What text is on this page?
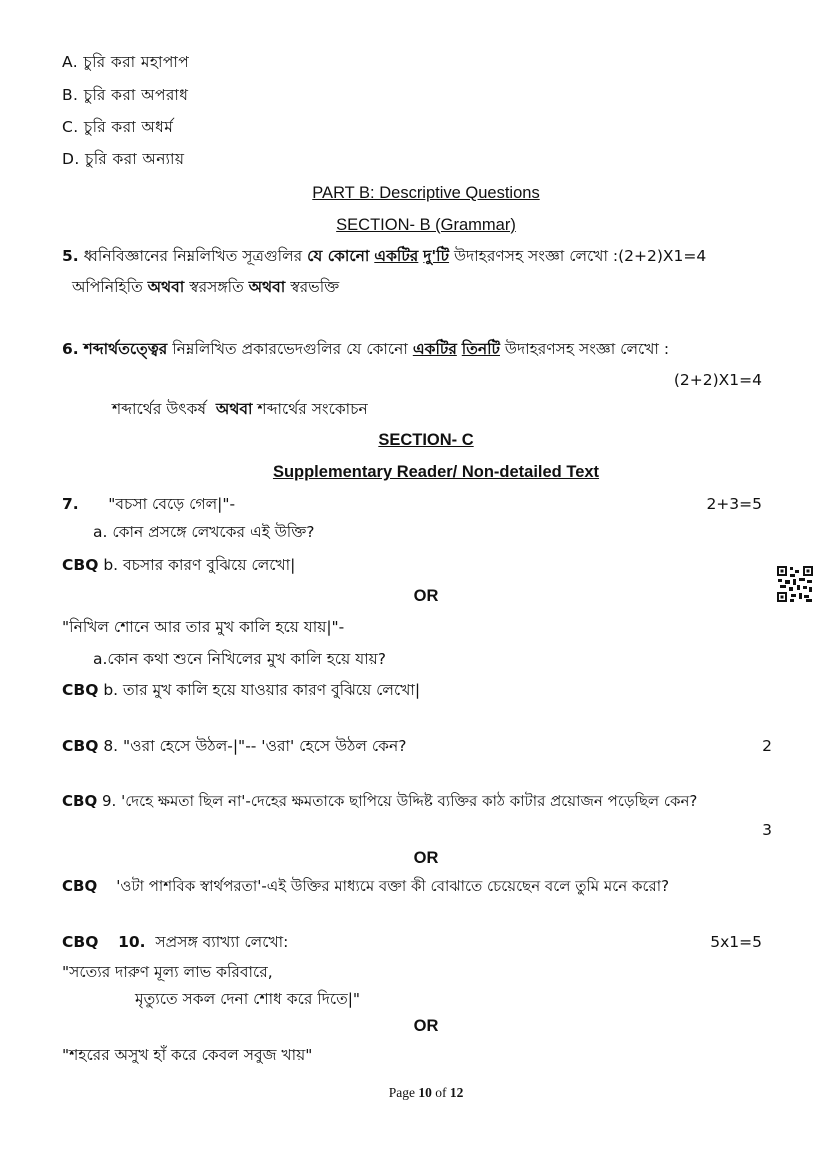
A. চুরি করা মহাপাপ
B. চুরি করা অপরাধ
C. চুরি করা অধর্ম
D. চুরি করা অন্যায়
PART B: Descriptive Questions
SECTION- B (Grammar)
5. ধ্বনিবিজ্ঞানের নিম্নলিখিত সূত্রগুলির যে কোনো একটির দু'টি উদাহরণসহ সংজ্ঞা লেখো :(2+2)X1=4
অপিনিহিতি অথবা স্বরসঙ্গতি অথবা স্বরভক্তি
6. শব্দার্থতত্ত্বের নিম্নলিখিত প্রকারভেদগুলির যে কোনো একটির তিনটি উদাহরণসহ সংজ্ঞা লেখো :
(2+2)X1=4
শব্দার্থের উৎকর্ষ অথবা শব্দার্থের সংকোচন
SECTION- C
Supplementary Reader/ Non-detailed Text
7. "বচসা বেড়ে গেল|"-	2+3=5
a. কোন প্রসঙ্গে লেখকের এই উক্তি?
CBQ b. বচসার কারণ বুঝিয়ে লেখো|
OR
"নিখিল শোনে আর তার মুখ কালি হয়ে যায়|"-
a.কোন কথা শুনে নিখিলের মুখ কালি হয়ে যায়?
CBQ b. তার মুখ কালি হয়ে যাওয়ার কারণ বুঝিয়ে লেখো|
CBQ 8. "ওরা হেসে উঠল-|"-- 'ওরা' হেসে উঠল কেন?	2
CBQ 9. 'দেহে ক্ষমতা ছিল না'-দেহের ক্ষমতাকে ছাপিয়ে উদ্দিষ্ট ব্যক্তির কাঠ কাটার প্রয়োজন পড়েছিল কেন?
3
OR
CBQ 'ওটা পাশবিক স্বার্থপরতা'-এই উক্তির মাধ্যমে বক্তা কী বোঝাতে চেয়েছেন বলে তুমি মনে করো?
CBQ 10. সপ্রসঙ্গ ব্যাখ্যা লেখো:	5x1=5
"সত্যের দারুণ মূল্য লাভ করিবারে,
মৃত্যুতে সকল দেনা শোধ করে দিতে|"
OR
"শহরের অসুখ হাঁ করে কেবল সবুজ খায়"
Page 10 of 12
